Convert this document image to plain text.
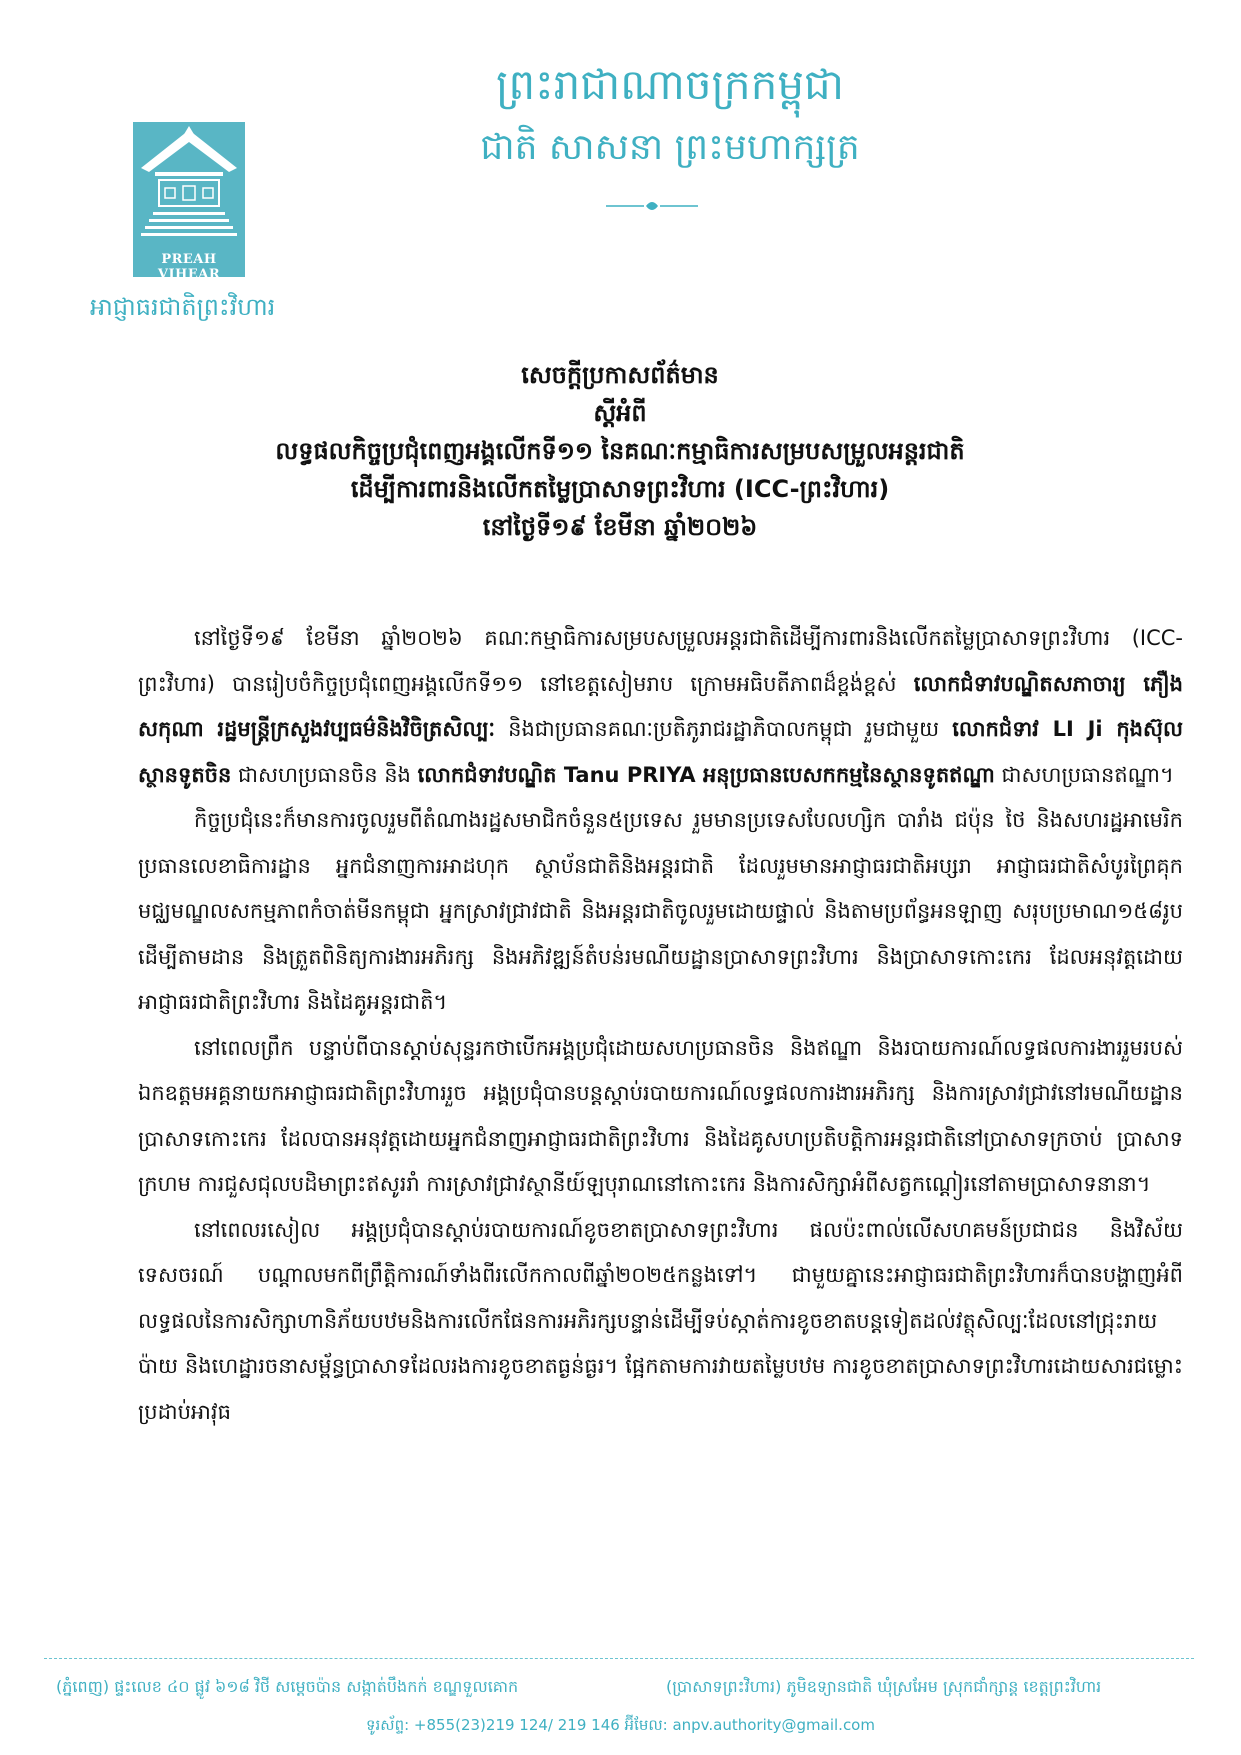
PREAH VIHEAR
អាជ្ញាធរជាតិព្រះវិហារ
ព្រះរាជាណាចក្រកម្ពុជា
ជាតិ សាសនា ព្រះមហាក្សត្រ

សេចក្តីប្រកាសព័ត៌មាន

ស្តីអំពី

លទ្ធផលកិច្ចប្រជុំពេញអង្គលើកទី១១ នៃគណៈកម្មាធិការសម្របសម្រួលអន្តរជាតិ

ដើម្បីការពារនិងលើកតម្លៃប្រាសាទព្រះវិហារ (ICC-ព្រះវិហារ)

នៅថ្ងៃទី១៩ ខែមីនា ឆ្នាំ២០២៦

នៅថ្ងៃទី១៩ ខែមីនា ឆ្នាំ២០២៦ គណៈកម្មាធិការសម្របសម្រួលអន្តរជាតិដើម្បីការពារនិងលើកតម្លៃប្រាសាទព្រះវិហារ (ICC-ព្រះវិហារ) បានរៀបចំកិច្ចប្រជុំពេញអង្គលើកទី១១ នៅខេត្តសៀមរាប ក្រោមអធិបតីភាពដ៏ខ្ពង់ខ្ពស់ លោកជំទាវបណ្ឌិតសភាចារ្យ ភឿង សកុណា រដ្ឋមន្ត្រីក្រសួងវប្បធម៌និងវិចិត្រសិល្បៈ និងជាប្រធានគណៈប្រតិភូរាជរដ្ឋាភិបាលកម្ពុជា រួមជាមួយ លោកជំទាវ LI Ji កុងស៊ុលស្ថានទូតចិន ជាសហប្រធានចិន និង លោកជំទាវបណ្ឌិត Tanu PRIYA អនុប្រធានបេសកកម្មនៃស្ថានទូតឥណ្ឌា ជាសហប្រធានឥណ្ឌា។

កិច្ចប្រជុំនេះក៏មានការចូលរួមពីតំណាងរដ្ឋសមាជិកចំនួន៥ប្រទេស រួមមានប្រទេសបែលហ្សិក បារាំង ជប៉ុន ថៃ និងសហរដ្ឋអាមេរិក ប្រធានលេខាធិការដ្ឋាន អ្នកជំនាញការអាដហុក ស្ថាប័នជាតិនិងអន្តរជាតិ ដែលរួមមានអាជ្ញាធរជាតិអប្សរា អាជ្ញាធរជាតិសំបូរព្រៃគុក មជ្ឈមណ្ឌលសកម្មភាពកំចាត់មីនកម្ពុជា អ្នកស្រាវជ្រាវជាតិ និងអន្តរជាតិចូលរួមដោយផ្ទាល់ និងតាមប្រព័ន្ធអនឡាញ សរុបប្រមាណ១៥៨រូប ដើម្បីតាមដាន និងត្រួតពិនិត្យការងារអភិរក្ស និងអភិវឌ្ឍន៍តំបន់រមណីយដ្ឋានប្រាសាទព្រះវិហារ និងប្រាសាទកោះកេរ ដែលអនុវត្តដោយអាជ្ញាធរជាតិព្រះវិហារ និងដៃគូអន្តរជាតិ។

នៅពេលព្រឹក បន្ទាប់ពីបានស្តាប់សុន្ទរកថាបើកអង្គប្រជុំដោយសហប្រធានចិន និងឥណ្ឌា និងរបាយការណ៍លទ្ធផលការងាររួមរបស់ ឯកឧត្តមអគ្គនាយកអាជ្ញាធរជាតិព្រះវិហាររួច អង្គប្រជុំបានបន្តស្តាប់របាយការណ៍លទ្ធផលការងារអភិរក្ស និងការស្រាវជ្រាវនៅរមណីយដ្ឋានប្រាសាទកោះកេរ ដែលបានអនុវត្តដោយអ្នកជំនាញអាជ្ញាធរជាតិព្រះវិហារ និងដៃគូសហប្រតិបត្តិការអន្តរជាតិនៅប្រាសាទក្រចាប់ ប្រាសាទក្រហម ការជួសជុលបដិមាព្រះឥសូររាំ ការស្រាវជ្រាវស្ថានីយ៍ឡបុរាណនៅកោះកេរ និងការសិក្សាអំពីសត្វកណ្តៀរនៅតាមប្រាសាទនានា។

នៅពេលរសៀល អង្គប្រជុំបានស្តាប់របាយការណ៍ខូចខាតប្រាសាទព្រះវិហារ ផលប៉ះពាល់លើសហគមន៍ប្រជាជន និងវិស័យទេសចរណ៍ បណ្តាលមកពីព្រឹត្តិការណ៍ទាំងពីរលើកកាលពីឆ្នាំ២០២៥កន្លងទៅ។ ជាមួយគ្នានេះអាជ្ញាធរជាតិព្រះវិហារក៏បានបង្ហាញអំពីលទ្ធផលនៃការសិក្សាហានិភ័យបឋមនិងការលើកផែនការអភិរក្សបន្ទាន់ដើម្បីទប់ស្កាត់ការខូចខាតបន្តទៀតដល់វត្ថុសិល្បៈដែលនៅជ្រុះរាយប៉ាយ និងហេដ្ឋារចនាសម្ព័ន្ធប្រាសាទដែលរងការខូចខាតធ្ងន់ធ្ងរ។ ផ្អែកតាមការវាយតម្លៃបឋម ការខូចខាតប្រាសាទព្រះវិហារដោយសារជម្លោះប្រដាប់អាវុធ

(ភ្នំពេញ) ផ្ទះលេខ ៤០ ផ្លូវ ៦១៨ វិថី សម្តេចប៉ាន សង្កាត់បឹងកក់ ខណ្ឌទួលគោក	(ប្រាសាទព្រះវិហារ) ភូមិឧទ្យានជាតិ ឃុំស្រអែម ស្រុកជាំក្សាន្ត ខេត្តព្រះវិហារ
ទូរស័ព្ទ: +855(23)219 124/ 219 146 អ៊ីមែល: anpv.authority@gmail.com
